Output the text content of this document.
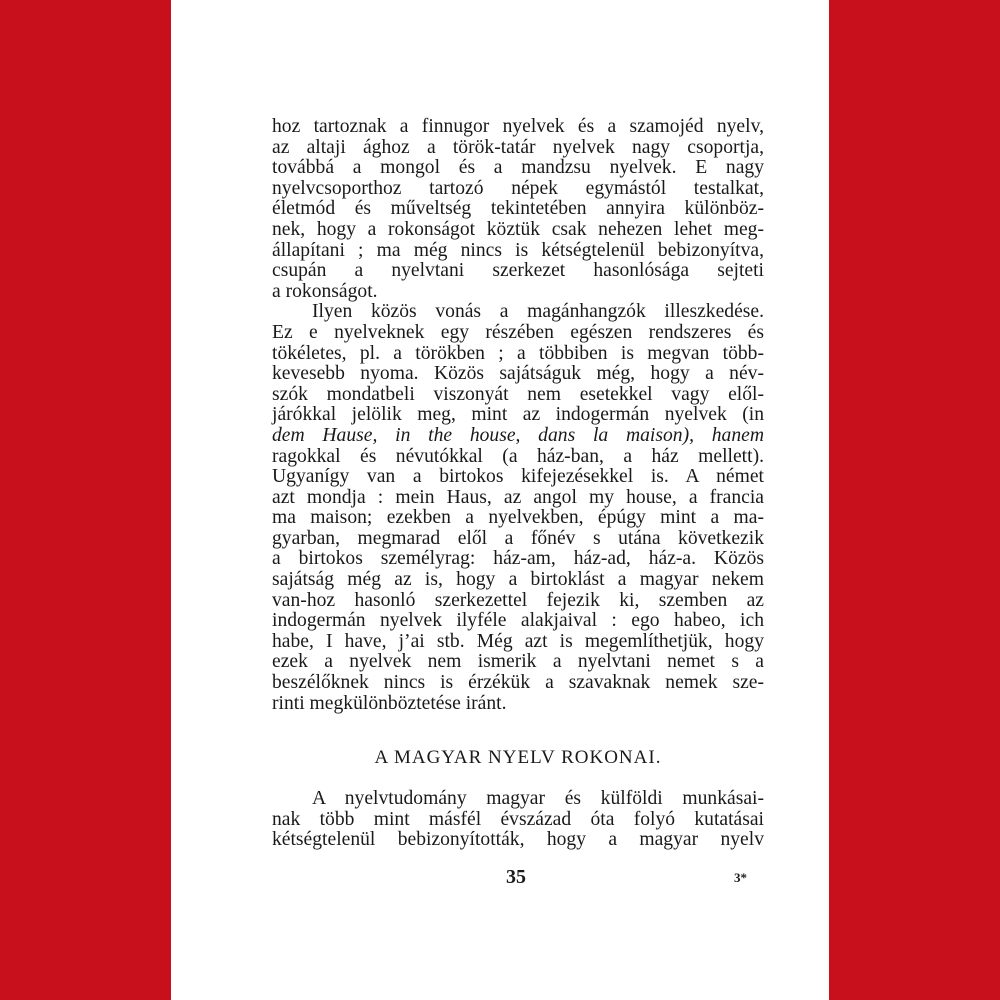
hoz tartoznak a finnugor nyelvek és a szamojéd nyelv,
az altaji ághoz a török-tatár nyelvek nagy csoportja,
továbbá a mongol és a mandzsu nyelvek. E nagy
nyelvcsoporthoz tartozó népek egymástól testalkat,
életmód és műveltség tekintetében annyira különböz-
nek, hogy a rokonságot köztük csak nehezen lehet meg-
állapítani ; ma még nincs is kétségtelenül bebizonyítva,
csupán a nyelvtani szerkezet hasonlósága sejteti
a rokonságot.
Ilyen közös vonás a magánhangzók illeszkedése.
Ez e nyelveknek egy részében egészen rendszeres és
tökéletes, pl. a törökben ; a többiben is megvan több-
kevesebb nyoma. Közös sajátságuk még, hogy a név-
szók mondatbeli viszonyát nem esetekkel vagy elől-
járókkal jelölik meg, mint az indogermán nyelvek (in
dem Hause, in the house, dans la maison), hanem
ragokkal és névutókkal (a ház-ban, a ház mellett).
Ugyanígy van a birtokos kifejezésekkel is. A német
azt mondja : mein Haus, az angol my house, a francia
ma maison; ezekben a nyelvekben, épúgy mint a ma-
gyarban, megmarad elől a főnév s utána következik
a birtokos személyrag: ház-am, ház-ad, ház-a. Közös
sajátság még az is, hogy a birtoklást a magyar nekem
van-hoz hasonló szerkezettel fejezik ki, szemben az
indogermán nyelvek ilyféle alakjaival : ego habeo, ich
habe, I have, j’ai stb. Még azt is megemlíthetjük, hogy
ezek a nyelvek nem ismerik a nyelvtani nemet s a
beszélőknek nincs is érzékük a szavaknak nemek sze-
rinti megkülönböztetése iránt.
A MAGYAR NYELV ROKONAI.
A nyelvtudomány magyar és külföldi munkásai-
nak több mint másfél évszázad óta folyó kutatásai
kétségtelenül bebizonyították, hogy a magyar nyelv
35	3*
